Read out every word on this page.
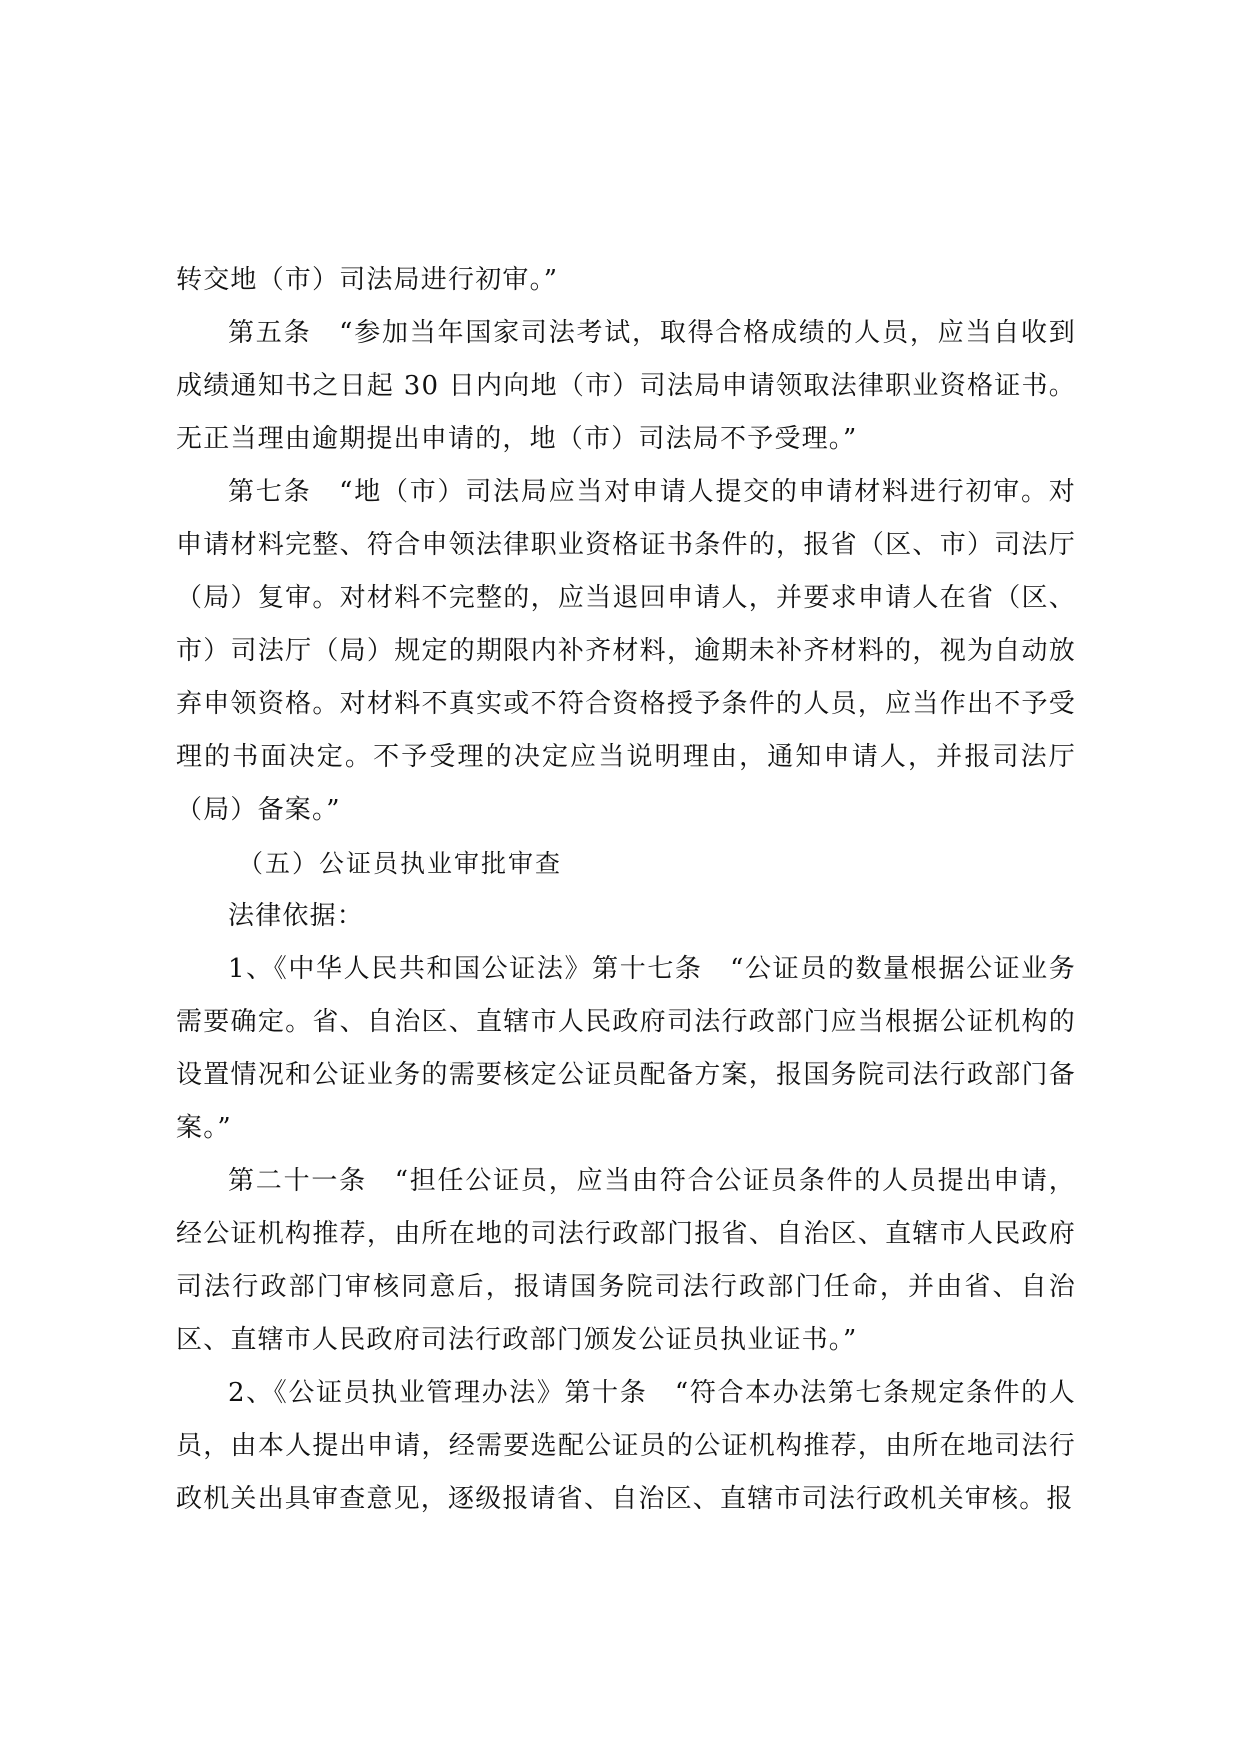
转交地（市）司法局进行初审。”

第五条　“参加当年国家司法考试，取得合格成绩的人员，应当自收到成绩通知书之日起 30 日内向地（市）司法局申请领取法律职业资格证书。无正当理由逾期提出申请的，地（市）司法局不予受理。”

第七条　“地（市）司法局应当对申请人提交的申请材料进行初审。对申请材料完整、符合申领法律职业资格证书条件的，报省（区、市）司法厅（局）复审。对材料不完整的，应当退回申请人，并要求申请人在省（区、市）司法厅（局）规定的期限内补齐材料，逾期未补齐材料的，视为自动放弃申领资格。对材料不真实或不符合资格授予条件的人员，应当作出不予受理的书面决定。不予受理的决定应当说明理由，通知申请人，并报司法厅（局）备案。”

（五）公证员执业审批审查

法律依据：

1、《中华人民共和国公证法》第十七条　“公证员的数量根据公证业务需要确定。省、自治区、直辖市人民政府司法行政部门应当根据公证机构的设置情况和公证业务的需要核定公证员配备方案，报国务院司法行政部门备案。”

第二十一条　“担任公证员，应当由符合公证员条件的人员提出申请，经公证机构推荐，由所在地的司法行政部门报省、自治区、直辖市人民政府司法行政部门审核同意后，报请国务院司法行政部门任命，并由省、自治区、直辖市人民政府司法行政部门颁发公证员执业证书。”

2、《公证员执业管理办法》第十条　“符合本办法第七条规定条件的人员，由本人提出申请，经需要选配公证员的公证机构推荐，由所在地司法行政机关出具审查意见，逐级报请省、自治区、直辖市司法行政机关审核。报
